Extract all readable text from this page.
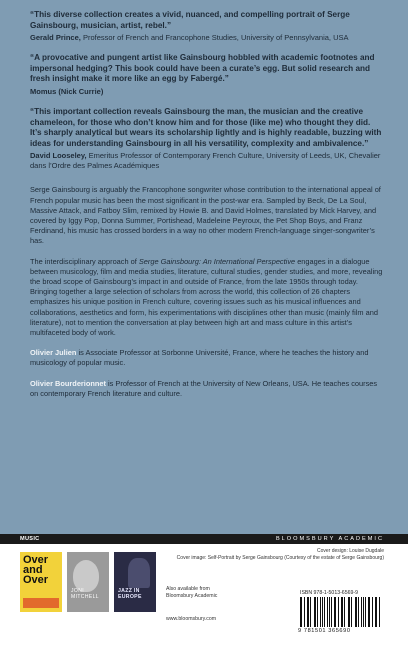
“This diverse collection creates a vivid, nuanced, and compelling portrait of Serge Gainsbourg, musician, artist, rebel.”

Gerald Prince, Professor of French and Francophone Studies, University of Pennsylvania, USA

“A provocative and pungent artist like Gainsbourg hobbled with academic footnotes and impersonal hedging? This book could have been a curate’s egg. But solid research and fresh insight make it more like an egg by Fabergé.”

Momus (Nick Currie)

“This important collection reveals Gainsbourg the man, the musician and the creative chameleon, for those who don’t know him and for those (like me) who thought they did. It’s sharply analytical but wears its scholarship lightly and is highly readable, buzzing with ideas for understanding Gainsbourg in all his versatility, complexity and ambivalence.”

David Looseley, Emeritus Professor of Contemporary French Culture, University of Leeds, UK, Chevalier dans l’Ordre des Palmes Académiques

Serge Gainsbourg is arguably the Francophone songwriter whose contribution to the international appeal of French popular music has been the most significant in the post-war era. Sampled by Beck, De La Soul, Massive Attack, and Fatboy Slim, remixed by Howie B. and David Holmes, translated by Mick Harvey, and covered by Iggy Pop, Donna Summer, Portishead, Madeleine Peyroux, the Pet Shop Boys, and Franz Ferdinand, his music has crossed borders in a way no other modern French-language singer-songwriter’s has.

The interdisciplinary approach of Serge Gainsbourg: An International Perspective engages in a dialogue between musicology, film and media studies, literature, cultural studies, gender studies, and more, revealing the broad scope of Gainsbourg’s impact in and outside of France, from the late 1950s through today. Bringing together a large selection of scholars from across the world, this collection of 26 chapters emphasizes his unique position in French culture, covering issues such as his musical influences and collaborations, aesthetics and form, his experimentations with disciplines other than music (mainly film and literature), not to mention the conversation at play between high art and mass culture in this artist’s multifaceted body of work.

Olivier Julien is Associate Professor at Sorbonne Université, France, where he teaches the history and musicology of popular music.

Olivier Bourderionnet is Professor of French at the University of New Orleans, USA. He teaches courses on contemporary French literature and culture.

MUSIC	BLOOMSBURY ACADEMIC
Over and Over
JONI MITCHELL
JAZZ IN EUROPE
Also available from
Bloomsbury Academic
www.bloomsbury.com
Cover design: Louise Dugdale
Cover image: Self-Portrait by Serge Gainsbourg (Courtesy of the estate of Serge Gainsbourg)
ISBN 978-1-5013-6569-9
9 781501 365690
